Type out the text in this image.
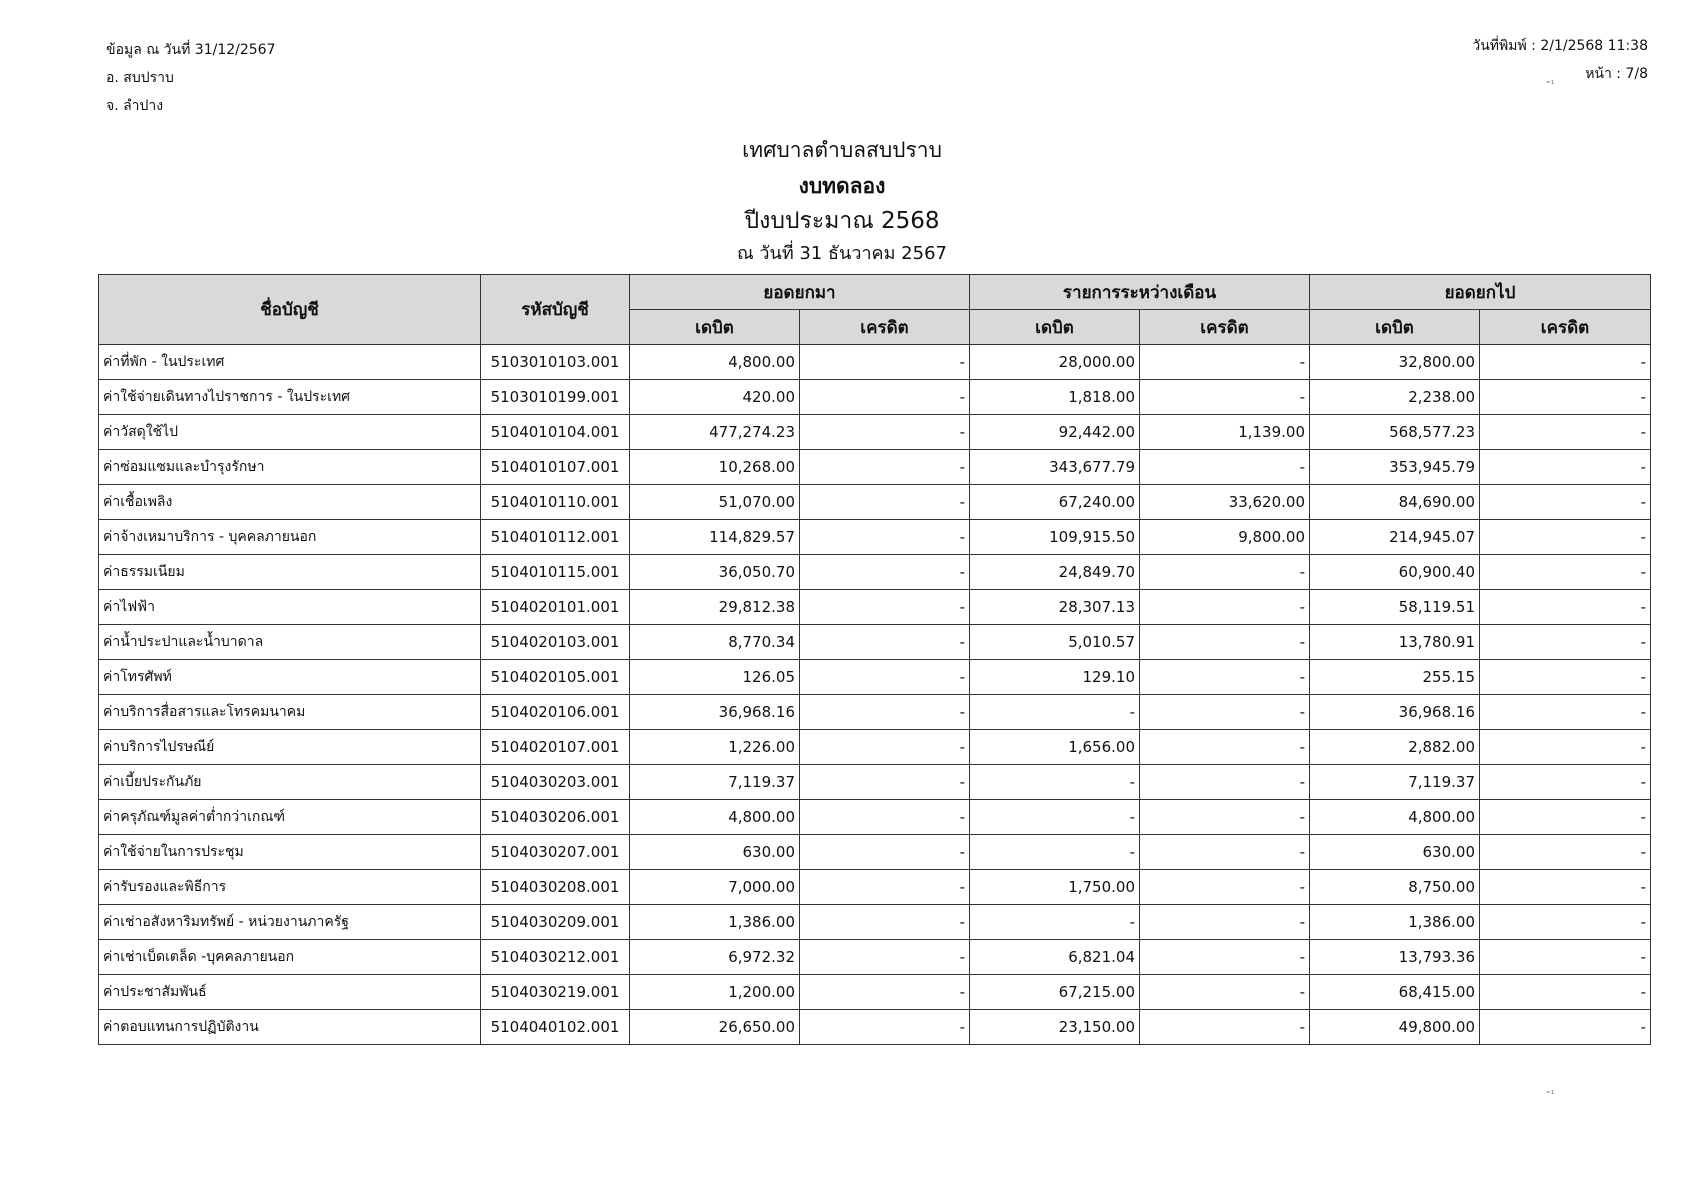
ข้อมูล ณ วันที่ 31/12/2567
อ. สบปราบ
จ. ลำปาง
วันที่พิมพ์ : 2/1/2568 11:38
หน้า : 7/8
เทศบาลตำบลสบปราบ
งบทดลอง
ปีงบประมาณ 2568
ณ วันที่ 31 ธันวาคม 2567
ชื่อบัญชี	รหัสบัญชี	ยอดยกมา		รายการระหว่างเดือน		ยอดยกไป	
		เดบิต	เครดิต	เดบิต	เครดิต	เดบิต	เครดิต
ค่าที่พัก - ในประเทศ	5103010103.001	4,800.00	-	28,000.00	-	32,800.00	-
ค่าใช้จ่ายเดินทางไปราชการ - ในประเทศ	5103010199.001	420.00	-	1,818.00	-	2,238.00	-
ค่าวัสดุใช้ไป	5104010104.001	477,274.23	-	92,442.00	1,139.00	568,577.23	-
ค่าซ่อมแซมและบำรุงรักษา	5104010107.001	10,268.00	-	343,677.79	-	353,945.79	-
ค่าเชื้อเพลิง	5104010110.001	51,070.00	-	67,240.00	33,620.00	84,690.00	-
ค่าจ้างเหมาบริการ - บุคคลภายนอก	5104010112.001	114,829.57	-	109,915.50	9,800.00	214,945.07	-
ค่าธรรมเนียม	5104010115.001	36,050.70	-	24,849.70	-	60,900.40	-
ค่าไฟฟ้า	5104020101.001	29,812.38	-	28,307.13	-	58,119.51	-
ค่าน้ำประปาและน้ำบาดาล	5104020103.001	8,770.34	-	5,010.57	-	13,780.91	-
ค่าโทรศัพท์	5104020105.001	126.05	-	129.10	-	255.15	-
ค่าบริการสื่อสารและโทรคมนาคม	5104020106.001	36,968.16	-	-	-	36,968.16	-
ค่าบริการไปรษณีย์	5104020107.001	1,226.00	-	1,656.00	-	2,882.00	-
ค่าเบี้ยประกันภัย	5104030203.001	7,119.37	-	-	-	7,119.37	-
ค่าครุภัณฑ์มูลค่าต่ำกว่าเกณฑ์	5104030206.001	4,800.00	-	-	-	4,800.00	-
ค่าใช้จ่ายในการประชุม	5104030207.001	630.00	-	-	-	630.00	-
ค่ารับรองและพิธีการ	5104030208.001	7,000.00	-	1,750.00	-	8,750.00	-
ค่าเช่าอสังหาริมทรัพย์ - หน่วยงานภาครัฐ	5104030209.001	1,386.00	-	-	-	1,386.00	-
ค่าเช่าเบ็ดเตล็ด -บุคคลภายนอก	5104030212.001	6,972.32	-	6,821.04	-	13,793.36	-
ค่าประชาสัมพันธ์	5104030219.001	1,200.00	-	67,215.00	-	68,415.00	-
ค่าตอบแทนการปฏิบัติงาน	5104040102.001	26,650.00	-	23,150.00	-	49,800.00	-
⁼¹
⁼¹
